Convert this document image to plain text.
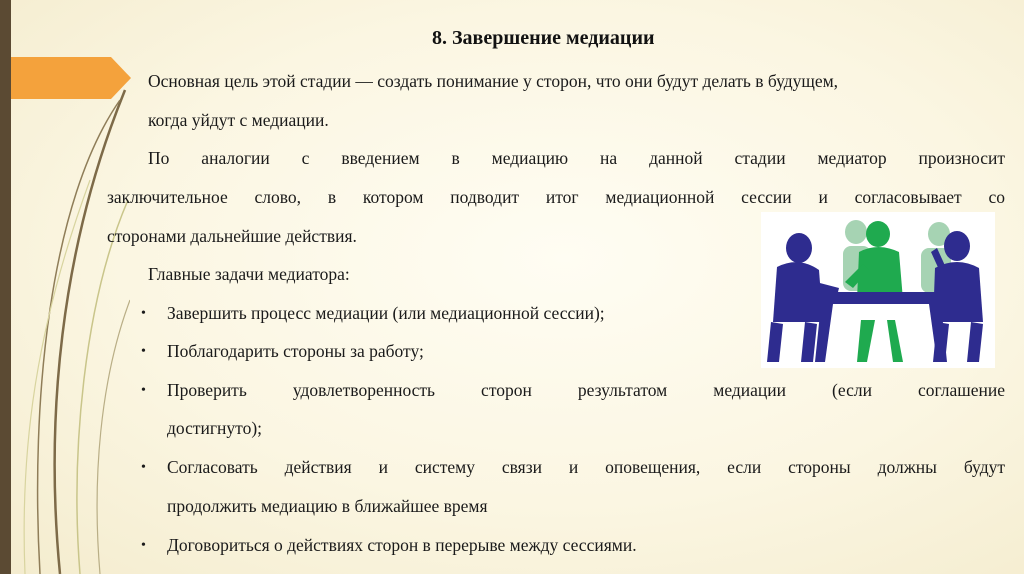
8. Завершение медиации
Основная цель этой стадии — создать понимание у сторон, что они будут делать в будущем,
когда уйдут с медиации.
По аналогии с введением в медиацию на данной стадии медиатор произносит
заключительное слово, в котором подводит итог медиационной сессии и согласовывает со
сторонами дальнейшие действия.
Главные задачи медиатора:
• Завершить процесс медиации (или медиационной сессии);
• Поблагодарить стороны за работу;
• Проверить удовлетворенность сторон результатом медиации (если соглашение
достигнуто);
• Согласовать действия и систему связи и оповещения, если стороны должны будут
продолжить медиацию в ближайшее время
• Договориться о действиях сторон в перерыве между сессиями.
